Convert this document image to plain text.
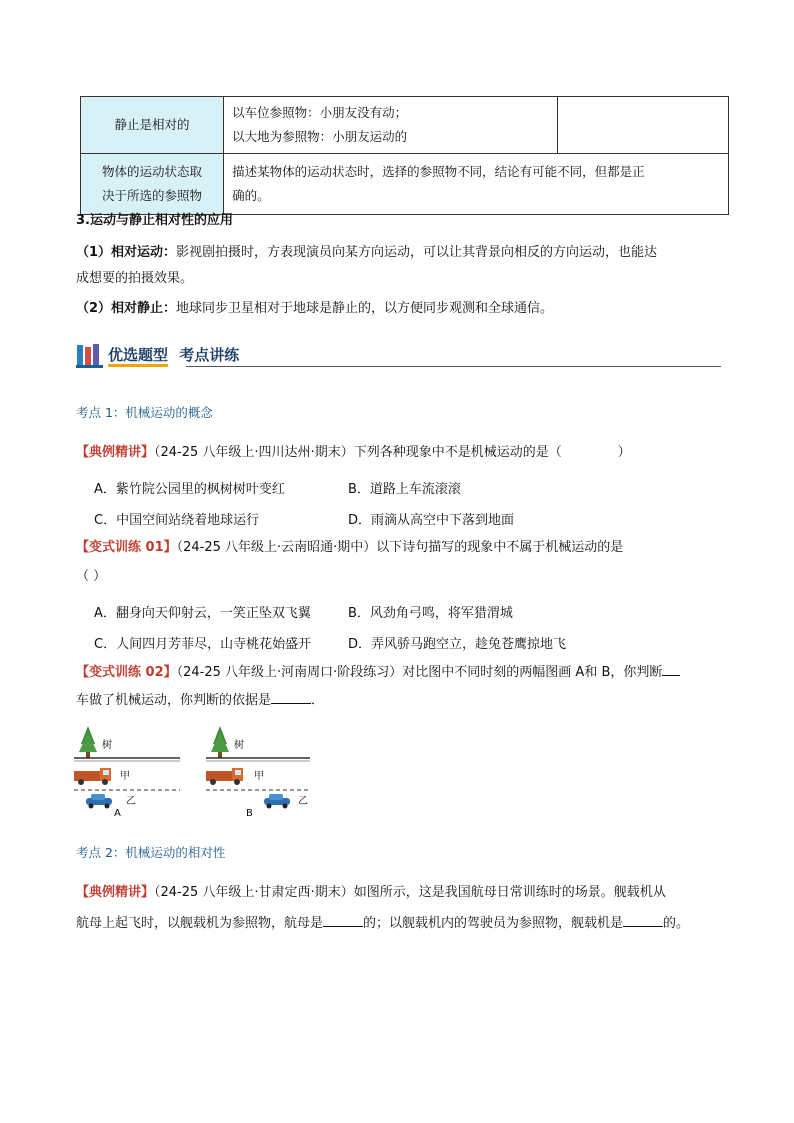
静止是相对的	以车位参照物：小朋友没有动；
以大地为参照物：小朋友运动的	

物体的运动状态取
决于所选的参照物	描述某物体的运动状态时，选择的参照物不同，结论有可能不同，但都是正
确的。	
3.运动与静止相对性的应用
（1）相对运动：影视剧拍摄时，方表现演员向某方向运动，可以让其背景向相反的方向运动，也能达
成想要的拍摄效果。
（2）相对静止：地球同步卫星相对于地球是静止的，以方便同步观测和全球通信。
优选题型 考点讲练
考点 1：机械运动的概念
【典例精讲】（24-25 八年级上·四川达州·期末）下列各种现象中不是机械运动的是（	）
A．紫竹院公园里的枫树树叶变红	B．道路上车流滚滚
C．中国空间站绕着地球运行	D．雨滴从高空中下落到地面
【变式训练 01】（24-25 八年级上·云南昭通·期中）以下诗句描写的现象中不属于机械运动的是
（ ）
A．翻身向天仰射云，一笑正坠双飞翼	B．风劲角弓鸣，将军猎渭城
C．人间四月芳菲尽，山寺桃花始盛开	D．弄风骄马跑空立，趁兔苍鹰掠地飞
【变式训练 02】（24-25 八年级上·河南周口·阶段练习）对比图中不同时刻的两幅图画 A和 B，你判断
车做了机械运动，你判断的依据是	．
树	树
甲	甲
乙	乙
A	B
考点 2：机械运动的相对性
【典例精讲】（24-25 八年级上·甘肃定西·期末）如图所示，这是我国航母日常训练时的场景。舰载机从
航母上起飞时，以舰载机为参照物，航母是	的；以舰载机内的驾驶员为参照物，舰载机是	的。
